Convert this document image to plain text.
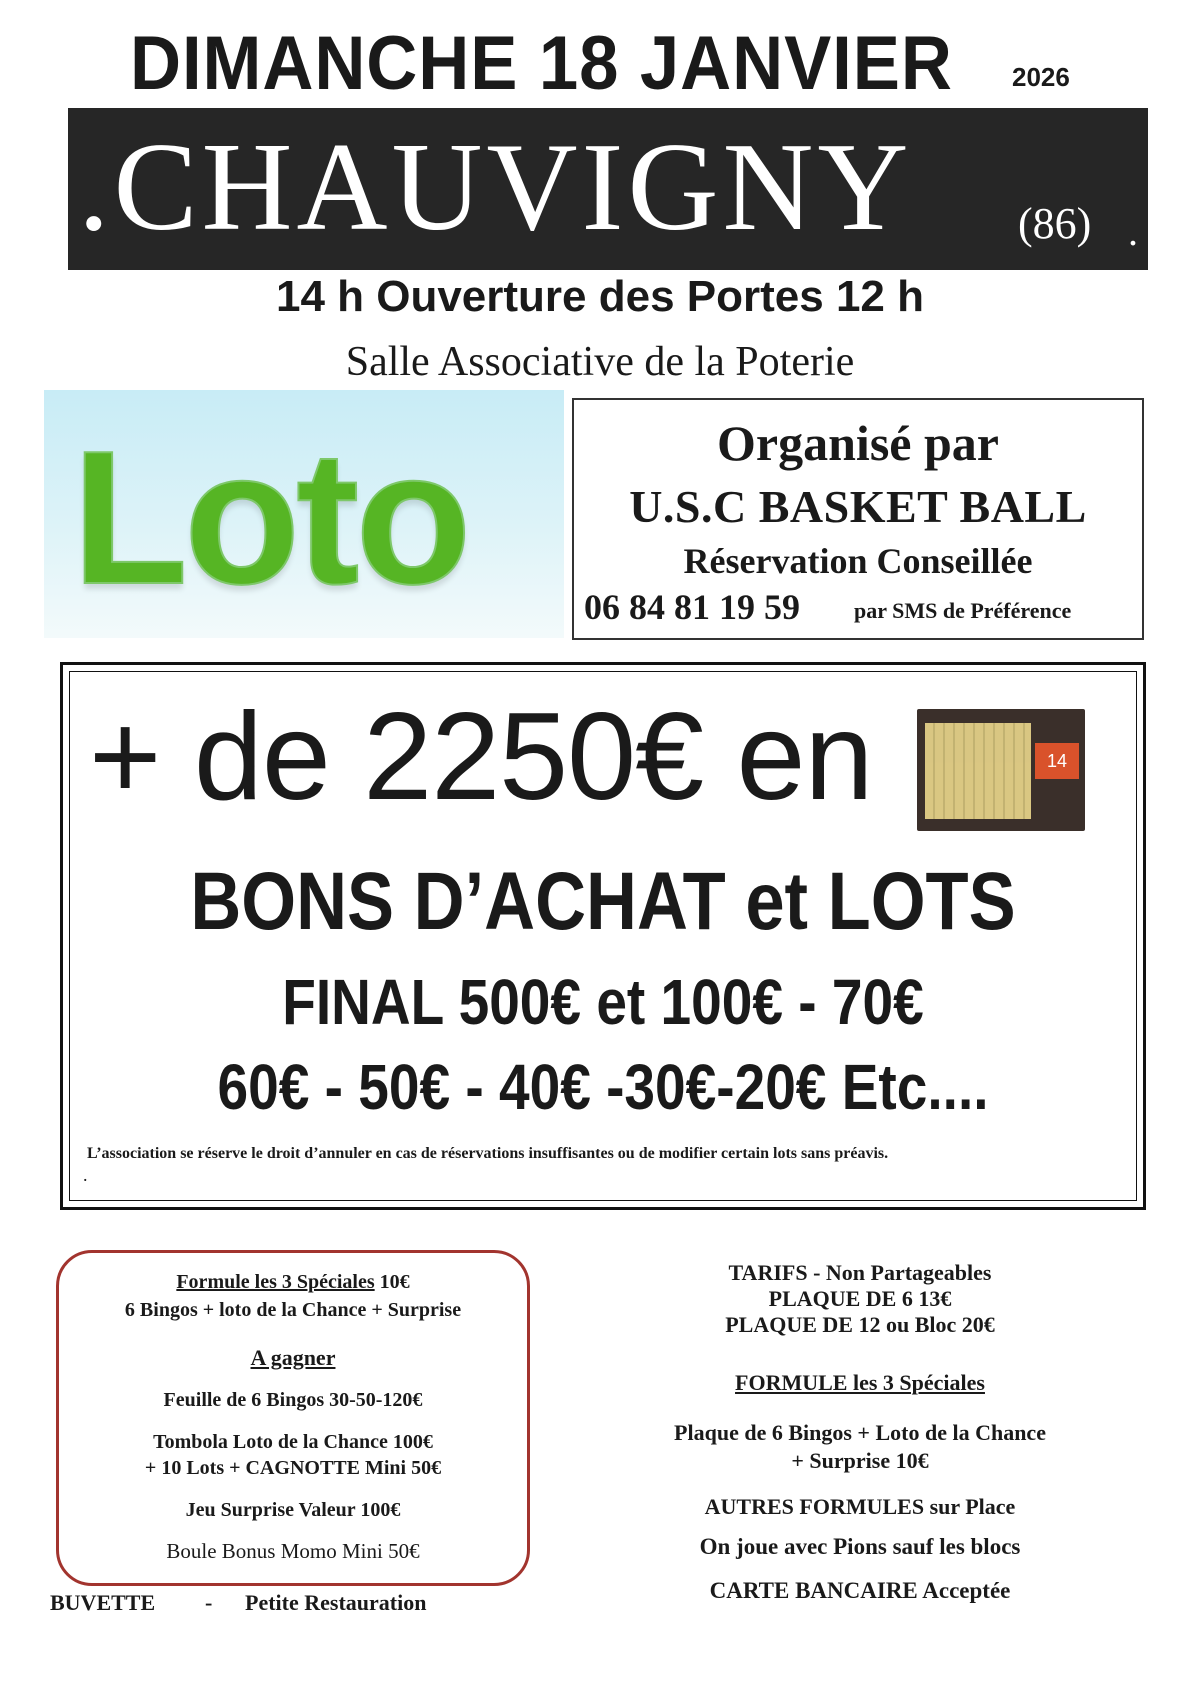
DIMANCHE 18 JANVIER 2026
.CHAUVIGNY (86) .
14 h Ouverture des Portes 12 h
Salle Associative de la Poterie
Loto	Organisé par
U.S.C BASKET BALL
Réservation Conseillée
06 84 81 19 59 par SMS de Préférence
+ de 2250€ en	14
BONS D’ACHAT et LOTS
FINAL 500€ et 100€ - 70€
60€ - 50€ - 40€ -30€-20€ Etc....
L’association se réserve le droit d’annuler en cas de réservations insuffisantes ou de modifier certain lots sans préavis.
.
Formule les 3 Spéciales 10€
6 Bingos + loto de la Chance + Surprise
A gagner
Feuille de 6 Bingos 30-50-120€
Tombola Loto de la Chance 100€
+ 10 Lots + CAGNOTTE Mini 50€
Jeu Surprise Valeur 100€
Boule Bonus Momo Mini 50€
TARIFS - Non Partageables
PLAQUE DE 6 13€
PLAQUE DE 12 ou Bloc 20€
FORMULE les 3 Spéciales
Plaque de 6 Bingos + Loto de la Chance
+ Surprise 10€
AUTRES FORMULES sur Place
On joue avec Pions sauf les blocs
CARTE BANCAIRE Acceptée
BUVETTE - Petite Restauration
